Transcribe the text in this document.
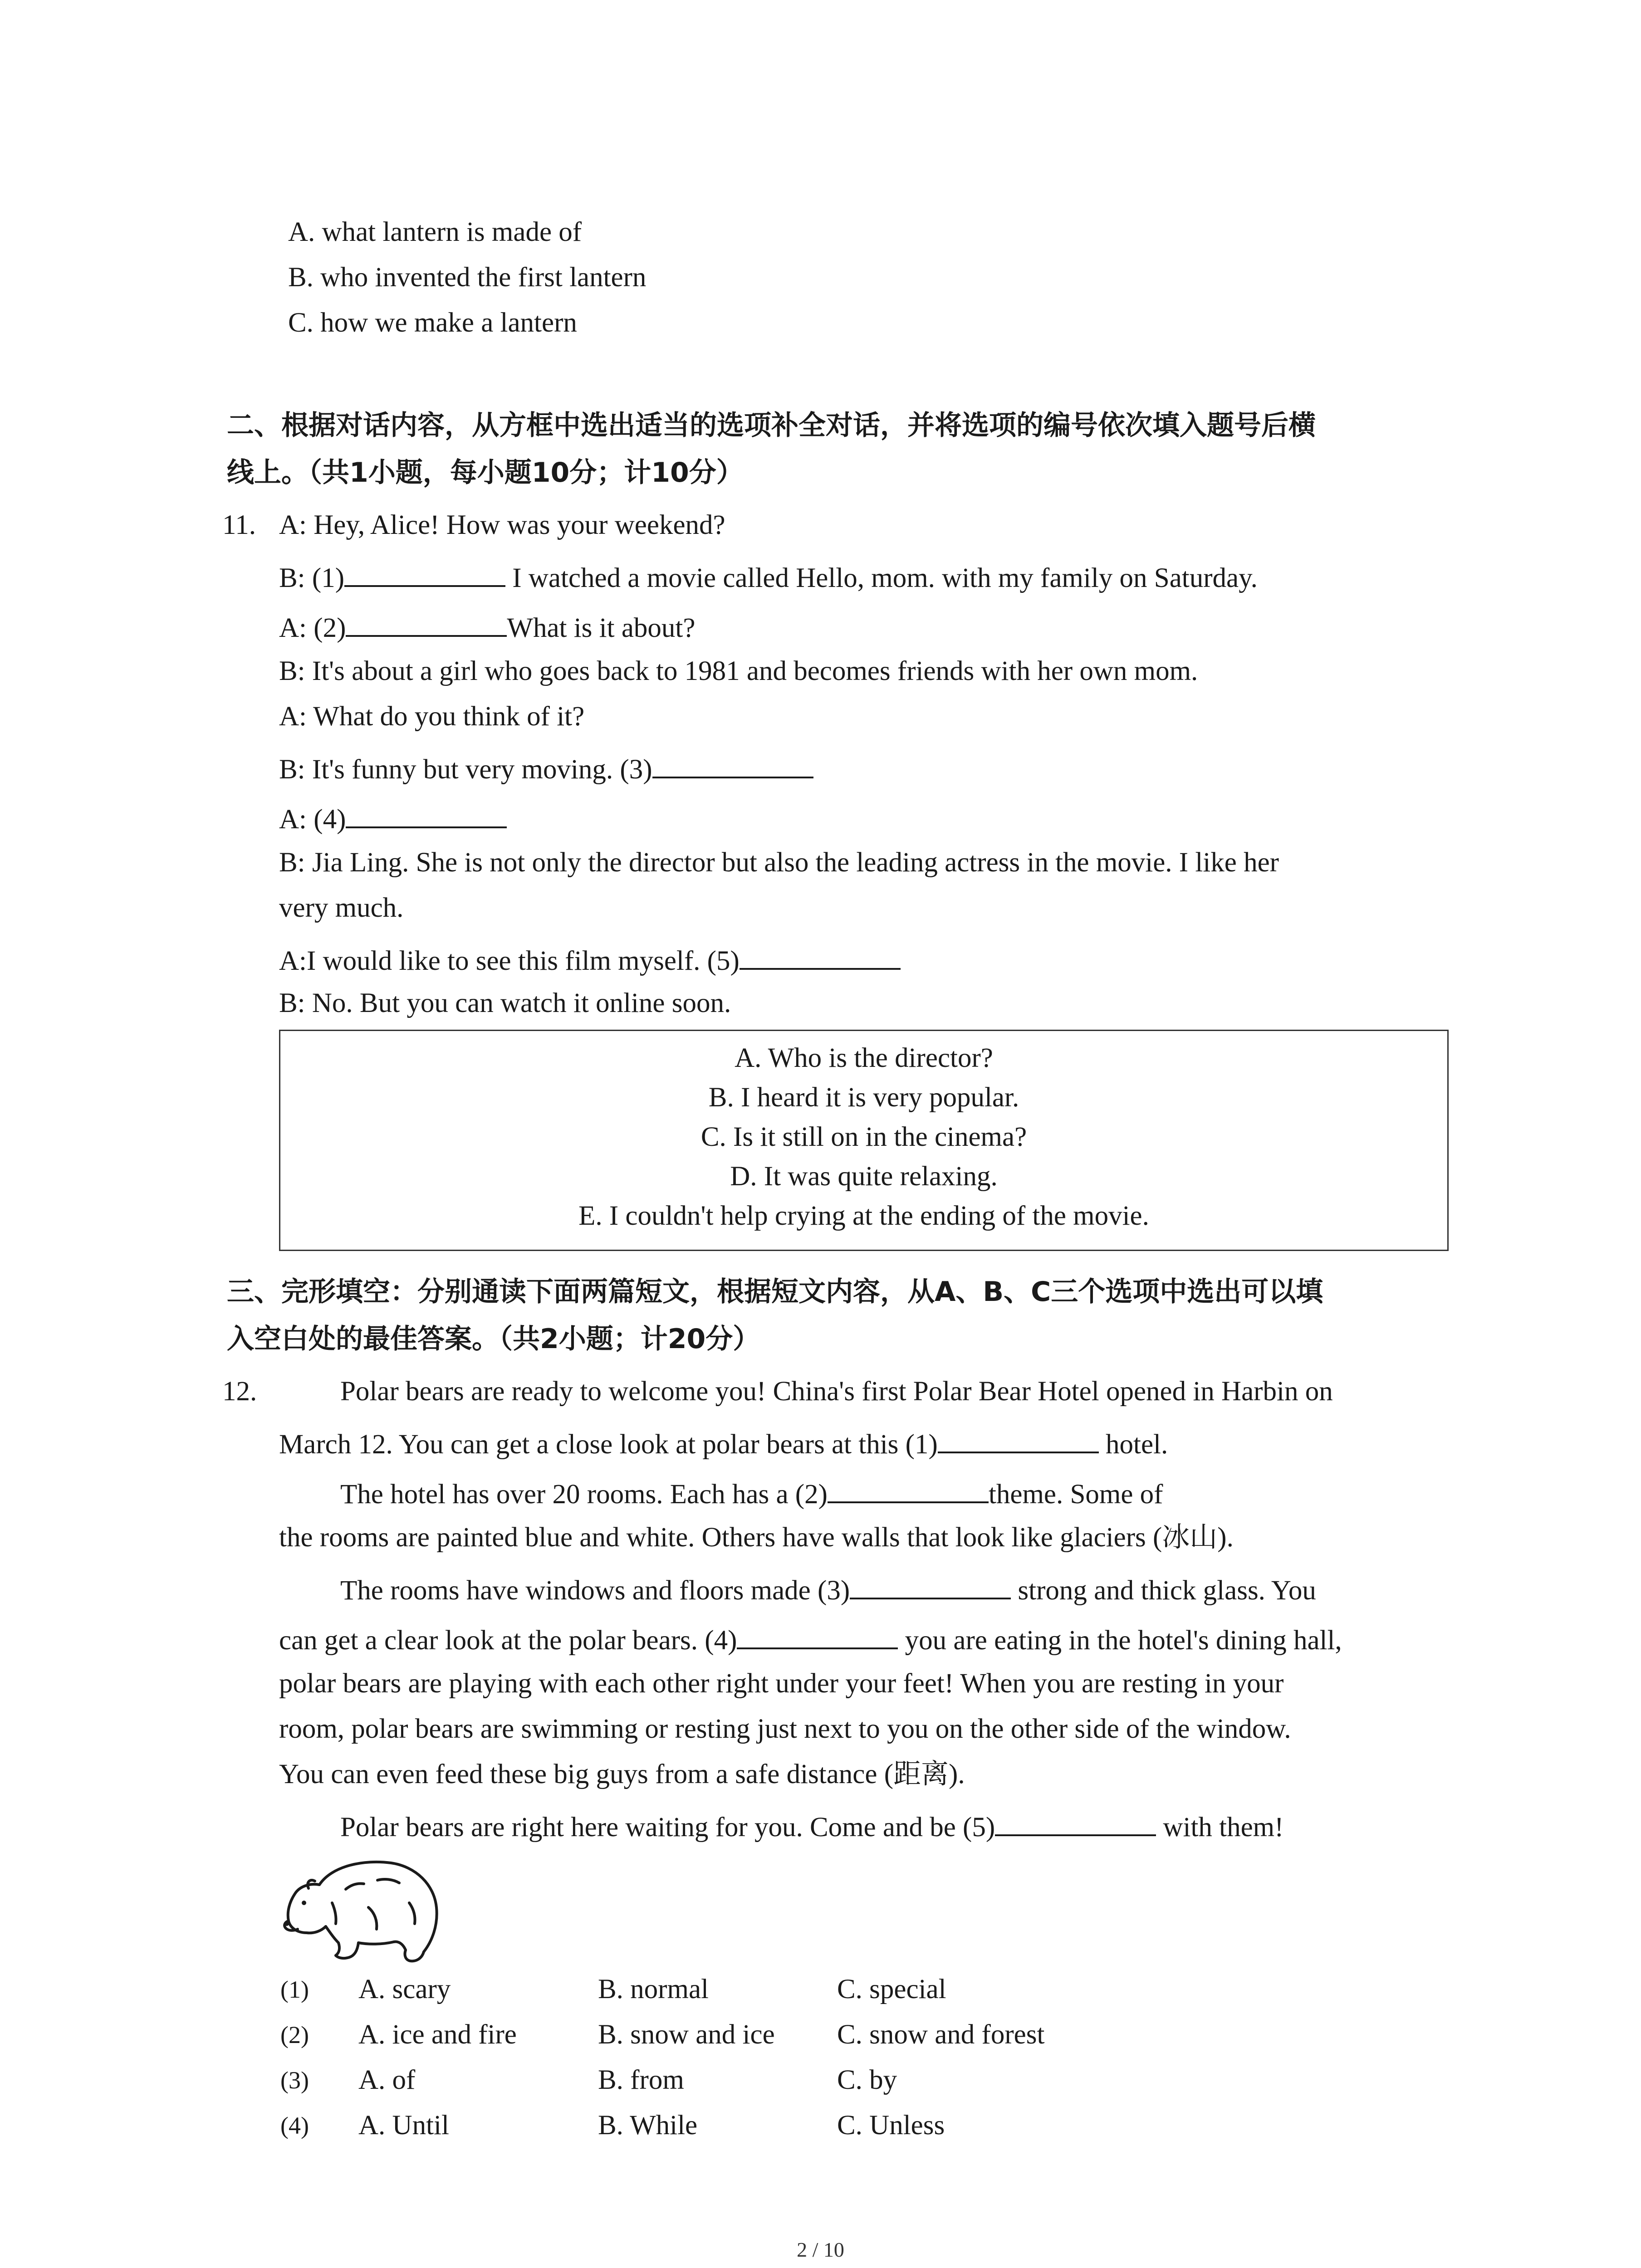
A. what lantern is made of
B. who invented the first lantern
C. how we make a lantern
二、根据对话内容，从方框中选出适当的选项补全对话，并将选项的编号依次填入题号后横
线上。（共1小题，每小题10分；计10分）
11. A: Hey, Alice! How was your weekend?
B: (1)	I watched a movie called Hello, mom. with my family on Saturday.
A: (2)	What is it about?
B: It's about a girl who goes back to 1981 and becomes friends with her own mom.
A: What do you think of it?
B: It's funny but very moving. (3)
A: (4)
B: Jia Ling. She is not only the director but also the leading actress in the movie. I like her
very much.
A:I would like to see this film myself. (5)
B: No. But you can watch it online soon.
A. Who is the director?
B. I heard it is very popular.
C. Is it still on in the cinema?
D. It was quite relaxing.
E. I couldn't help crying at the ending of the movie.
三、完形填空：分别通读下面两篇短文，根据短文内容，从A、B、C三个选项中选出可以填
入空白处的最佳答案。（共2小题；计20分）
12.	Polar bears are ready to welcome you! China's first Polar Bear Hotel opened in Harbin on
March 12. You can get a close look at polar bears at this (1)	hotel.
The hotel has over 20 rooms. Each has a (2)	theme. Some of
the rooms are painted blue and white. Others have walls that look like glaciers (冰山).
The rooms have windows and floors made (3)	strong and thick glass. You
can get a clear look at the polar bears. (4)	you are eating in the hotel's dining hall,
polar bears are playing with each other right under your feet! When you are resting in your
room, polar bears are swimming or resting just next to you on the other side of the window.
You can even feed these big guys from a safe distance (距离).
Polar bears are right here waiting for you. Come and be (5)	with them!
(1) A. scary	B. normal	C. special
(2) A. ice and fire	B. snow and ice C. snow and forest
(3) A. of	B. from	C. by
(4) A. Until	B. While	C. Unless
2 / 10
